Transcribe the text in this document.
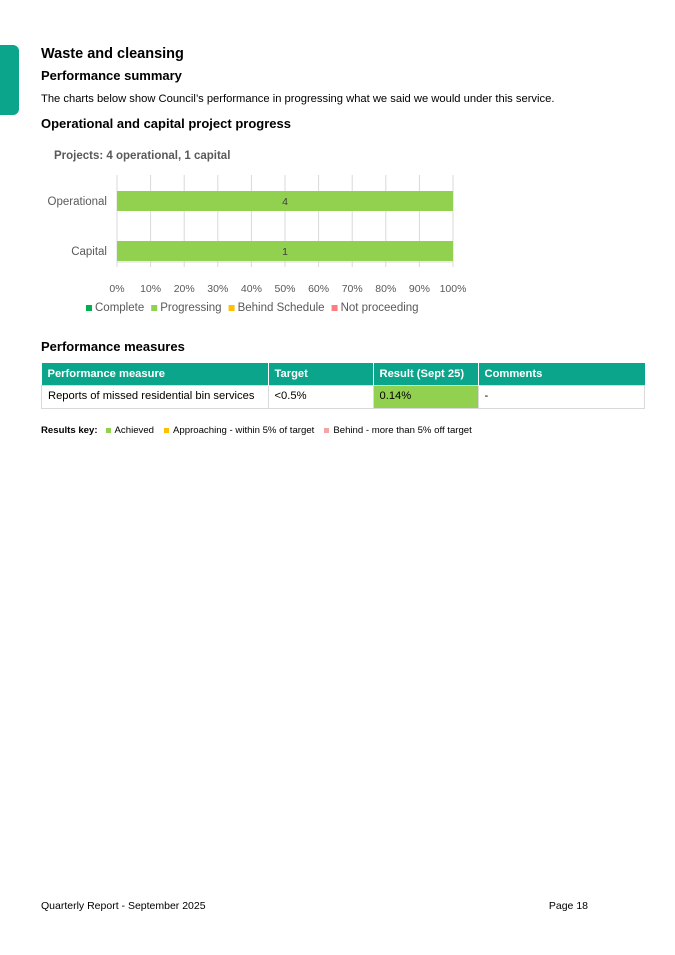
Waste and cleansing
Performance summary
The charts below show Council’s performance in progressing what we said we would under this service.
Operational and capital project progress
Projects: 4 operational, 1 capital
0% 10% 20% 30% 40% 50% 60% 70% 80% 90% 100%
Operational	4
Capital	1
Complete Progressing Behind Schedule Not proceeding
Performance measures
Performance measure	Target	Result (Sept 25)	Comments
Reports of missed residential bin services	<0.5%	0.14%	-
Results key: Achieved Approaching - within 5% of target Behind - more than 5% off target
Quarterly Report - September 2025	Page 18
